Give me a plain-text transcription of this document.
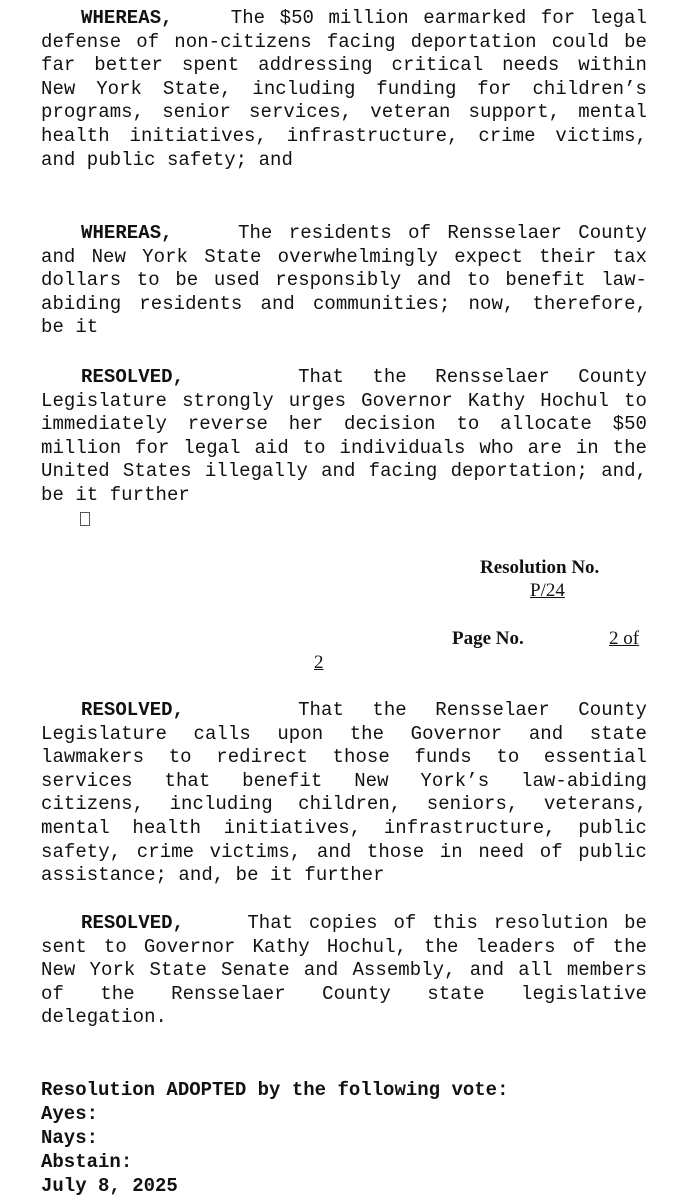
WHEREAS,	The $50 million earmarked for legal defense of non-citizens facing deportation could be far better spent addressing critical needs within New York State, including funding for children’s programs, senior services, veteran support, mental health initiatives, infrastructure, crime victims, and public safety; and
WHEREAS,	The residents of Rensselaer County and New York State overwhelmingly expect their tax dollars to be used responsibly and to benefit law-abiding residents and communities; now, therefore, be it
RESOLVED,	That the Rensselaer County Legislature strongly urges Governor Kathy Hochul to immediately reverse her decision to allocate $50 million for legal aid to individuals who are in the United States illegally and facing deportation; and, be it further
Resolution No.
P/24
Page No.	2 of
2
RESOLVED,	That the Rensselaer County Legislature calls upon the Governor and state lawmakers to redirect those funds to essential services that benefit New York’s law-abiding citizens, including children, seniors, veterans, mental health initiatives, infrastructure, public safety, crime victims, and those in need of public assistance; and, be it further
RESOLVED,	That copies of this resolution be sent to Governor Kathy Hochul, the leaders of the New York State Senate and Assembly, and all members of the Rensselaer County state legislative delegation.
Resolution ADOPTED by the following vote:
Ayes:
Nays:
Abstain:
July 8, 2025
